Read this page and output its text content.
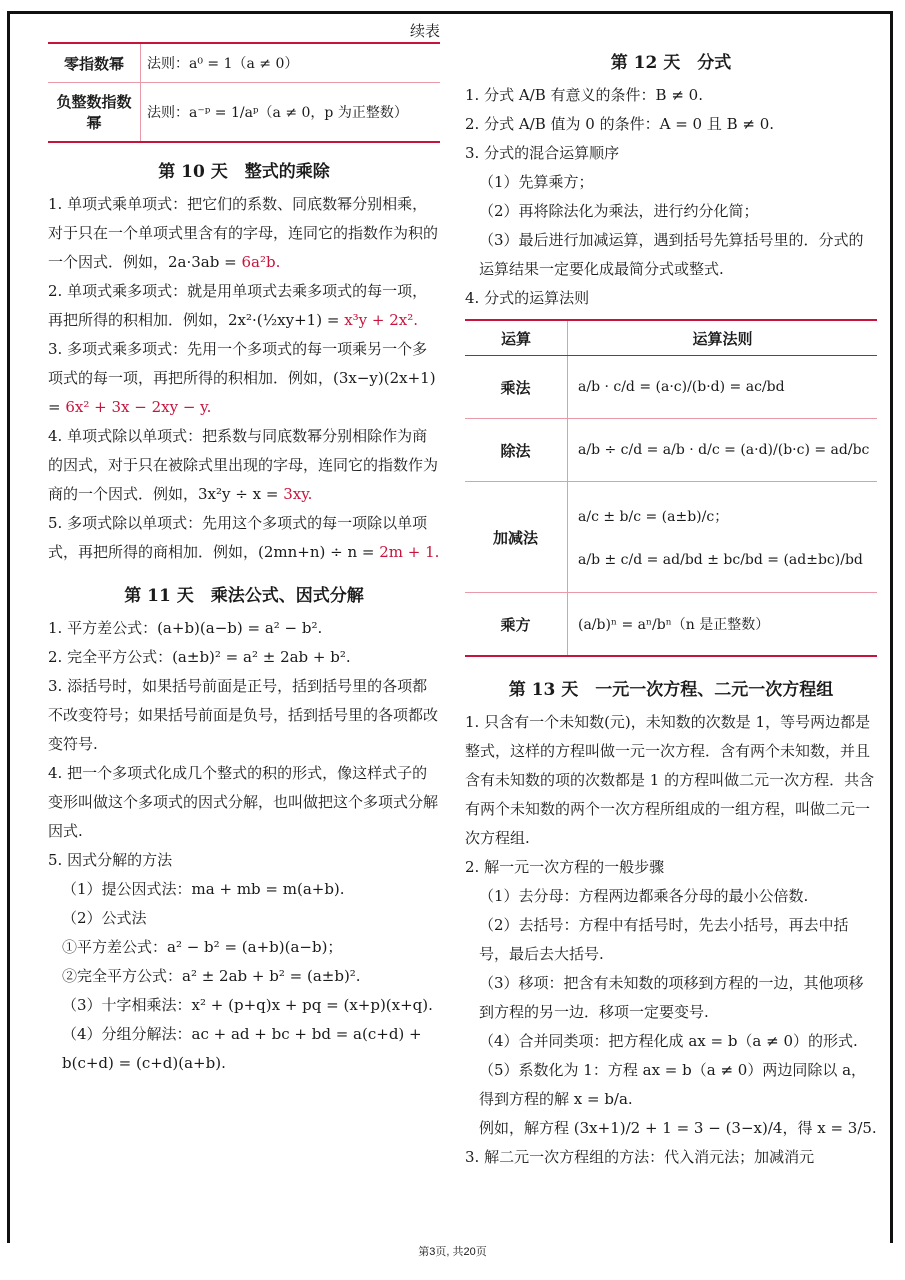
续表
零指数幂	法则：a⁰ = 1（a ≠ 0）
负整数指数幂	法则：a⁻ᵖ = 1/aᵖ（a ≠ 0，p 为正整数）
第 10 天　整式的乘除

1. 单项式乘单项式：把它们的系数、同底数幂分别相乘，对于只在一个单项式里含有的字母，连同它的指数作为积的一个因式．例如，2a·3ab = 6a²b.

2. 单项式乘多项式：就是用单项式去乘多项式的每一项，再把所得的积相加．例如，2x²·(½xy+1) = x³y + 2x².

3. 多项式乘多项式：先用一个多项式的每一项乘另一个多项式的每一项，再把所得的积相加．例如，(3x−y)(2x+1) = 6x² + 3x − 2xy − y.

4. 单项式除以单项式：把系数与同底数幂分别相除作为商的因式，对于只在被除式里出现的字母，连同它的指数作为商的一个因式．例如，3x²y ÷ x = 3xy.

5. 多项式除以单项式：先用这个多项式的每一项除以单项式，再把所得的商相加．例如，(2mn+n) ÷ n = 2m + 1.

第 11 天　乘法公式、因式分解

1. 平方差公式：(a+b)(a−b) = a² − b².

2. 完全平方公式：(a±b)² = a² ± 2ab + b².

3. 添括号时，如果括号前面是正号，括到括号里的各项都不改变符号；如果括号前面是负号，括到括号里的各项都改变符号.

4. 把一个多项式化成几个整式的积的形式，像这样式子的变形叫做这个多项式的因式分解，也叫做把这个多项式分解因式.

5. 因式分解的方法

（1）提公因式法：ma + mb = m(a+b).

（2）公式法

①平方差公式：a² − b² = (a+b)(a−b)；

②完全平方公式：a² ± 2ab + b² = (a±b)².

（3）十字相乘法：x² + (p+q)x + pq = (x+p)(x+q).

（4）分组分解法：ac + ad + bc + bd = a(c+d) + b(c+d) = (c+d)(a+b).

第 12 天　分式

1. 分式 A/B 有意义的条件：B ≠ 0.

2. 分式 A/B 值为 0 的条件：A = 0 且 B ≠ 0.

3. 分式的混合运算顺序

（1）先算乘方；

（2）再将除法化为乘法，进行约分化简；

（3）最后进行加减运算，遇到括号先算括号里的．分式的运算结果一定要化成最简分式或整式.

4. 分式的运算法则

运算	运算法则
乘法	a/b · c/d = (a·c)/(b·d) = ac/bd
除法	a/b ÷ c/d = a/b · d/c = (a·d)/(b·c) = ad/bc
加减法	a/c ± b/c = (a±b)/c；
a/b ± c/d = ad/bd ± bc/bd = (ad±bc)/bd

乘方	(a/b)ⁿ = aⁿ/bⁿ（n 是正整数）
第 13 天　一元一次方程、二元一次方程组

1. 只含有一个未知数(元)，未知数的次数是 1，等号两边都是整式，这样的方程叫做一元一次方程．含有两个未知数，并且含有未知数的项的次数都是 1 的方程叫做二元一次方程．共含有两个未知数的两个一次方程所组成的一组方程，叫做二元一次方程组.

2. 解一元一次方程的一般步骤

（1）去分母：方程两边都乘各分母的最小公倍数.

（2）去括号：方程中有括号时，先去小括号，再去中括号，最后去大括号.

（3）移项：把含有未知数的项移到方程的一边，其他项移到方程的另一边．移项一定要变号.

（4）合并同类项：把方程化成 ax = b（a ≠ 0）的形式.

（5）系数化为 1：方程 ax = b（a ≠ 0）两边同除以 a，得到方程的解 x = b/a.

例如，解方程 (3x+1)/2 + 1 = 3 − (3−x)/4，得 x = 3/5.

3. 解二元一次方程组的方法：代入消元法；加减消元

第3页, 共20页
